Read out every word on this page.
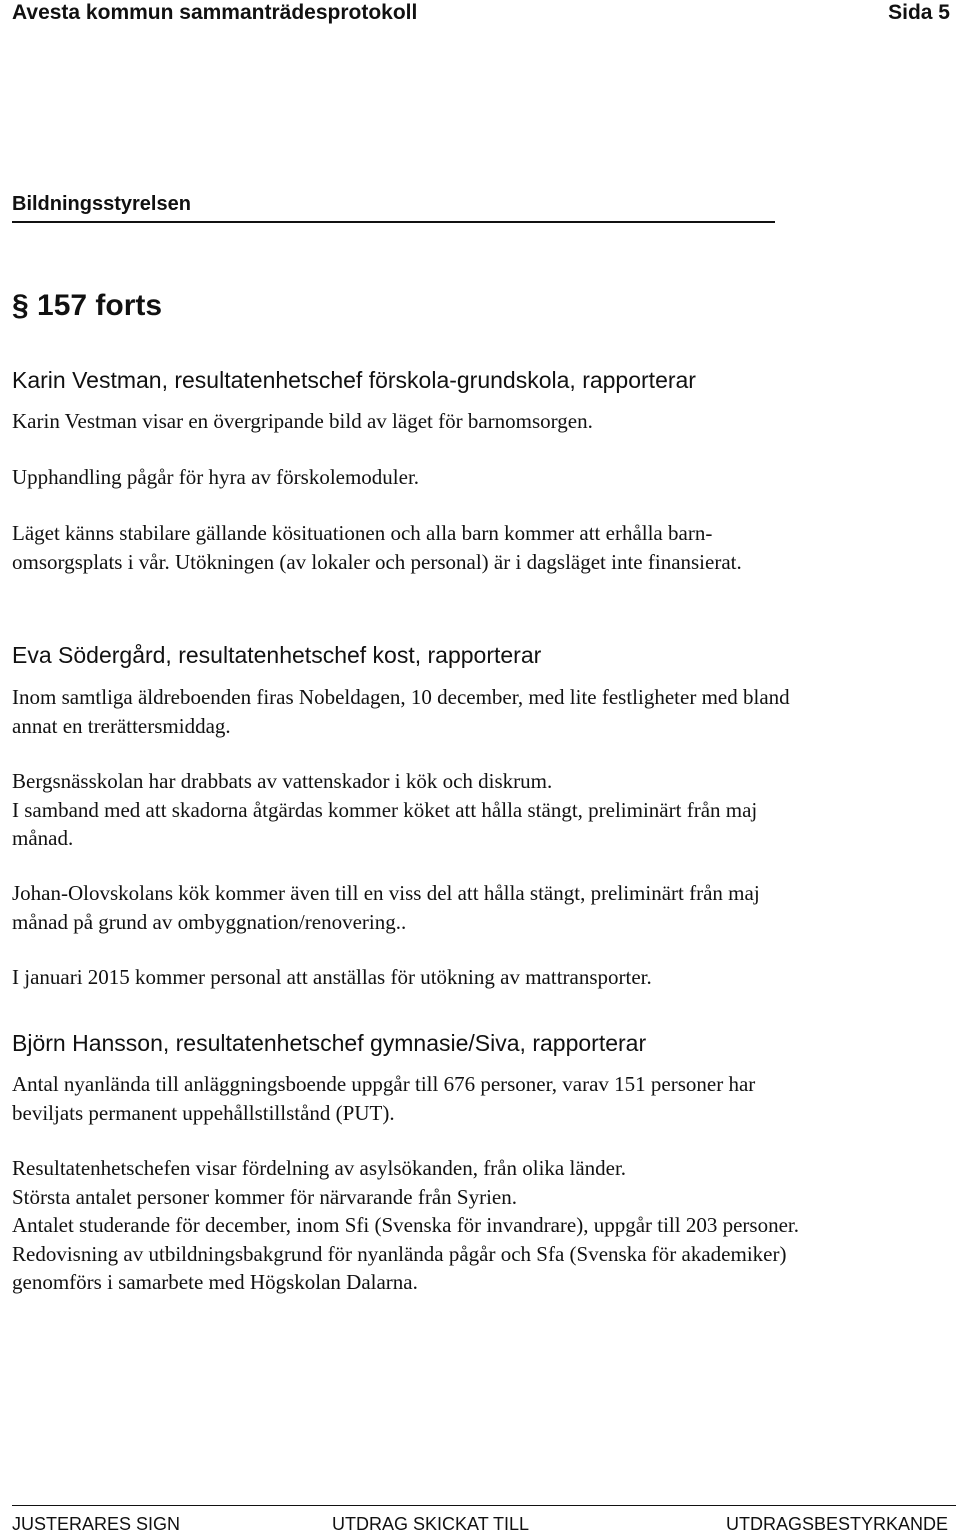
Avesta kommun sammanträdesprotokoll	Sida 5
Bildningsstyrelsen
§ 157 forts
Karin Vestman, resultatenhetschef förskola-grundskola, rapporterar

Karin Vestman visar en övergripande bild av läget för barnomsorgen.

Upphandling pågår för hyra av förskolemoduler.

Läget känns stabilare gällande kösituationen och alla barn kommer att erhålla barn-

omsorgsplats i vår. Utökningen (av lokaler och personal) är i dagsläget inte finansierat.

Eva Södergård, resultatenhetschef kost, rapporterar

Inom samtliga äldreboenden firas Nobeldagen, 10 december, med lite festligheter med bland

annat en trerättersmiddag.

Bergsnässkolan har drabbats av vattenskador i kök och diskrum.

I samband med att skadorna åtgärdas kommer köket att hålla stängt, preliminärt från maj

månad.

Johan-Olovskolans kök kommer även till en viss del att hålla stängt, preliminärt från maj

månad på grund av ombyggnation/renovering..

I januari 2015 kommer personal att anställas för utökning av mattransporter.

Björn Hansson, resultatenhetschef gymnasie/Siva, rapporterar

Antal nyanlända till anläggningsboende uppgår till 676 personer, varav 151 personer har

beviljats permanent uppehållstillstånd (PUT).

Resultatenhetschefen visar fördelning av asylsökanden, från olika länder.

Största antalet personer kommer för närvarande från Syrien.

Antalet studerande för december, inom Sfi (Svenska för invandrare), uppgår till 203 personer.

Redovisning av utbildningsbakgrund för nyanlända pågår och Sfa (Svenska för akademiker)

genomförs i samarbete med Högskolan Dalarna.

JUSTERARES SIGN	UTDRAG SKICKAT TILL	UTDRAGSBESTYRKANDE
